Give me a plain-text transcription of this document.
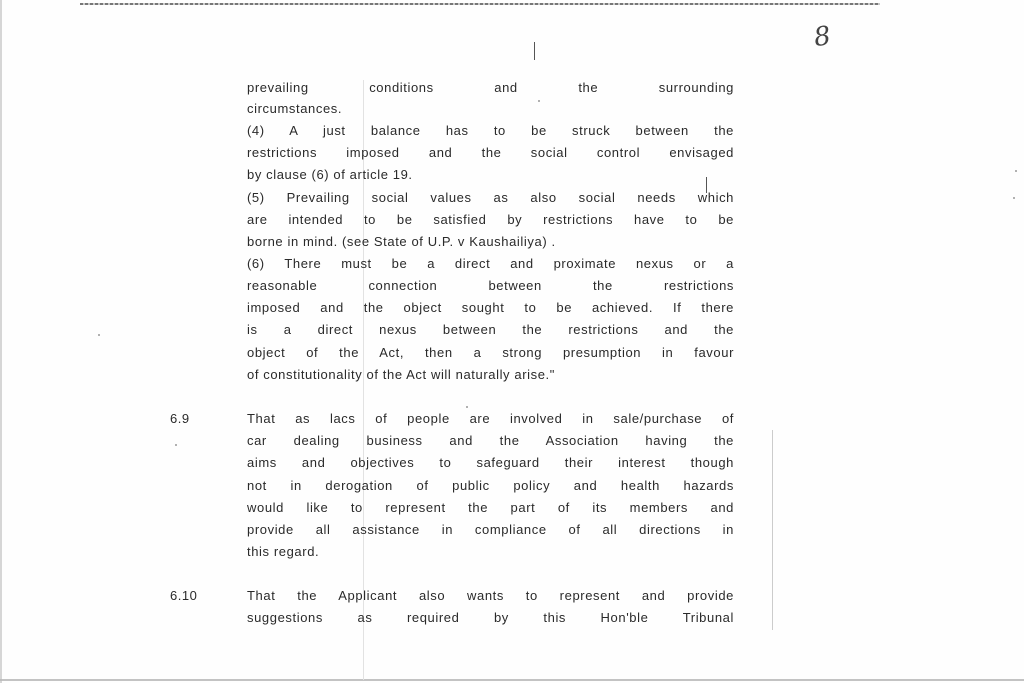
8
prevailing conditions and the surrounding
circumstances.
(4) A just balance has to be struck between the
restrictions imposed and the social control envisaged
by clause (6) of article 19.
(5) Prevailing social values as also social needs which
are intended to be satisfied by restrictions have to be
borne in mind. (see State of U.P. v Kaushailiya) .
(6) There must be a direct and proximate nexus or a
reasonable connection between the restrictions
imposed and the object sought to be achieved. If there
is a direct nexus between the restrictions and the
object of the Act, then a strong presumption in favour
of constitutionality of the Act will naturally arise."
6.9	That as lacs of people are involved in sale/purchase of
car dealing business and the Association having the
aims and objectives to safeguard their interest though
not in derogation of public policy and health hazards
would like to represent the part of its members and
provide all assistance in compliance of all directions in
this regard.
6.10	That the Applicant also wants to represent and provide
suggestions as required by this Hon'ble Tribunal
